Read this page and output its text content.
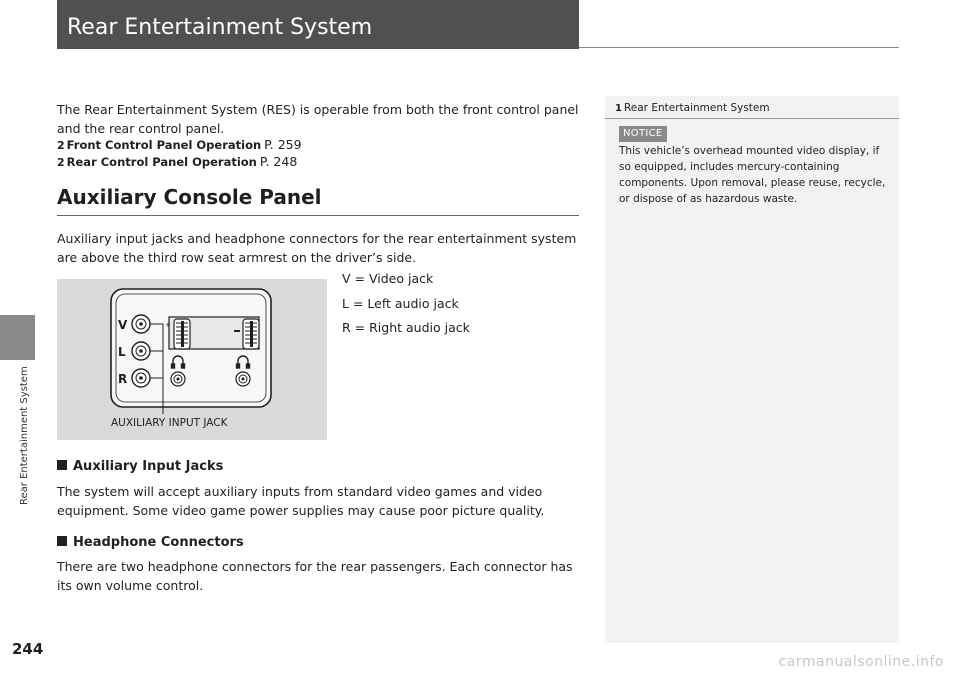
Rear Entertainment System
Rear Entertainment System

The Rear Entertainment System (RES) is operable from both the front control panel and the rear control panel.

2 Front Control Panel Operation P. 259
2 Rear Control Panel Operation P. 248
Auxiliary Console Panel

Auxiliary input jacks and headphone connectors for the rear entertainment system are above the third row seat armrest on the driver’s side.

V = Video jack
L = Left audio jack
R = Right audio jack
+
V
L
R
AUXILIARY INPUT JACK
Auxiliary Input Jacks

The system will accept auxiliary inputs from standard video games and video equipment. Some video game power supplies may cause poor picture quality.

Headphone Connectors

There are two headphone connectors for the rear passengers. Each connector has its own volume control.

1 Rear Entertainment System
NOTICE

This vehicle’s overhead mounted video display, if so equipped, includes mercury-containing components. Upon removal, please reuse, recycle, or dispose of as hazardous waste.

244
carmanualsonline.info
